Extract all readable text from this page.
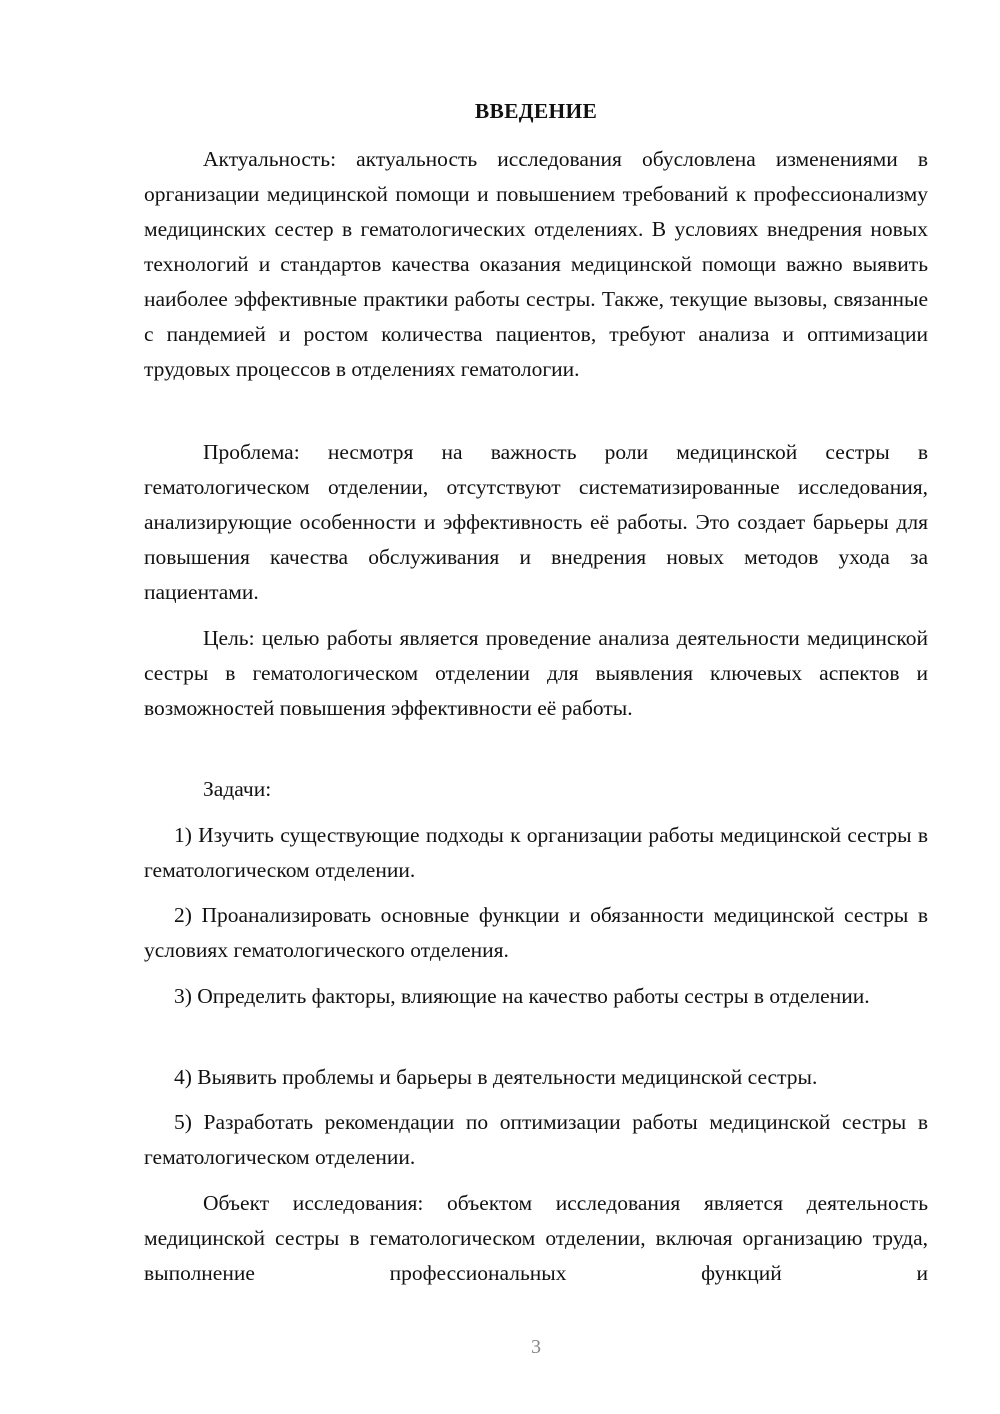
ВВЕДЕНИЕ

Актуальность: актуальность исследования обусловлена изменениями в организации медицинской помощи и повышением требований к профессионализму медицинских сестер в гематологических отделениях. В условиях внедрения новых технологий и стандартов качества оказания медицинской помощи важно выявить наиболее эффективные практики работы сестры. Также, текущие вызовы, связанные с пандемией и ростом количества пациентов, требуют анализа и оптимизации трудовых процессов в отделениях гематологии.

Проблема: несмотря на важность роли медицинской сестры в гематологическом отделении, отсутствуют систематизированные исследования, анализирующие особенности и эффективность её работы. Это создает барьеры для повышения качества обслуживания и внедрения новых методов ухода за пациентами.

Цель: целью работы является проведение анализа деятельности медицинской сестры в гематологическом отделении для выявления ключевых аспектов и возможностей повышения эффективности её работы.

Задачи:

1) Изучить существующие подходы к организации работы медицинской сестры в гематологическом отделении.

2) Проанализировать основные функции и обязанности медицинской сестры в условиях гематологического отделения.

3) Определить факторы, влияющие на качество работы сестры в отделении.

4) Выявить проблемы и барьеры в деятельности медицинской сестры.

5) Разработать рекомендации по оптимизации работы медицинской сестры в гематологическом отделении.

Объект исследования: объектом исследования является деятельность медицинской сестры в гематологическом отделении, включая организацию труда, выполнение профессиональных функций и

3
